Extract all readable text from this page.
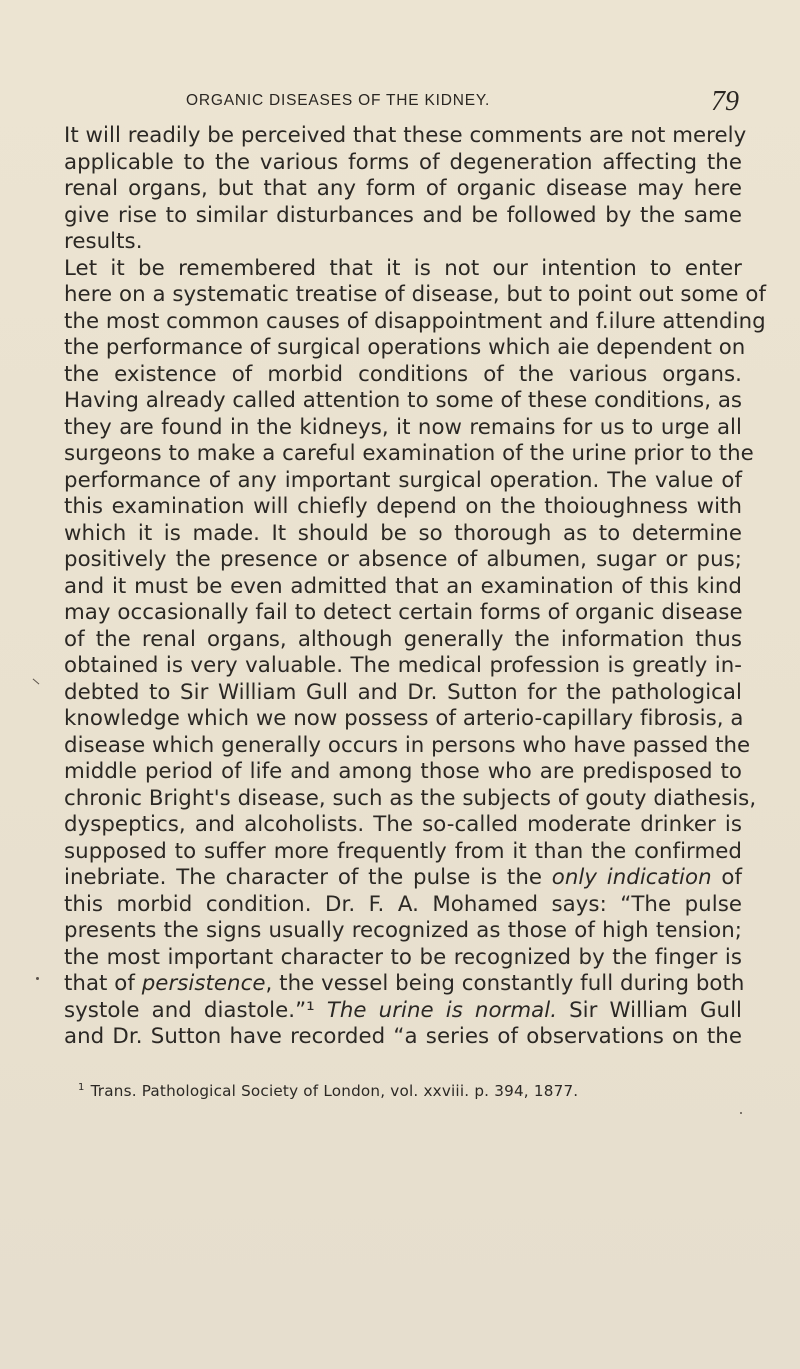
ORGANIC DISEASES OF THE KIDNEY.	79
It will readily be perceived that these comments are not merely
applicable to the various forms of degeneration affecting the
renal organs, but that any form of organic disease may here
give rise to similar disturbances and be followed by the same
results.
Let it be remembered that it is not our intention to enter
here on a systematic treatise of disease, but to point out some of
the most common causes of disappointment and f.ilure attending
the performance of surgical operations which aie dependent on
the existence of morbid conditions of the various organs.
Having already called attention to some of these conditions, as
they are found in the kidneys, it now remains for us to urge all
surgeons to make a careful examination of the urine prior to the
performance of any important surgical operation. The value of
this examination will chiefly depend on the thoioughness with
which it is made. It should be so thorough as to determine
positively the presence or absence of albumen, sugar or pus;
and it must be even admitted that an examination of this kind
may occasionally fail to detect certain forms of organic disease
of the renal organs, although generally the information thus
obtained is very valuable. The medical profession is greatly in-
debted to Sir William Gull and Dr. Sutton for the pathological
knowledge which we now possess of arterio-capillary fibrosis, a
disease which generally occurs in persons who have passed the
middle period of life and among those who are predisposed to
chronic Bright's disease, such as the subjects of gouty diathesis,
dyspeptics, and alcoholists. The so-called moderate drinker is
supposed to suffer more frequently from it than the confirmed
inebriate. The character of the pulse is the only indication of
this morbid condition. Dr. F. A. Mohamed says: “The pulse
presents the signs usually recognized as those of high tension;
the most important character to be recognized by the finger is
that of persistence, the vessel being constantly full during both
systole and diastole.”¹ The urine is normal. Sir William Gull
and Dr. Sutton have recorded “a series of observations on the
$^1$ Trans. Pathological Society of London, vol. xxviii. p. 394, 1877.
